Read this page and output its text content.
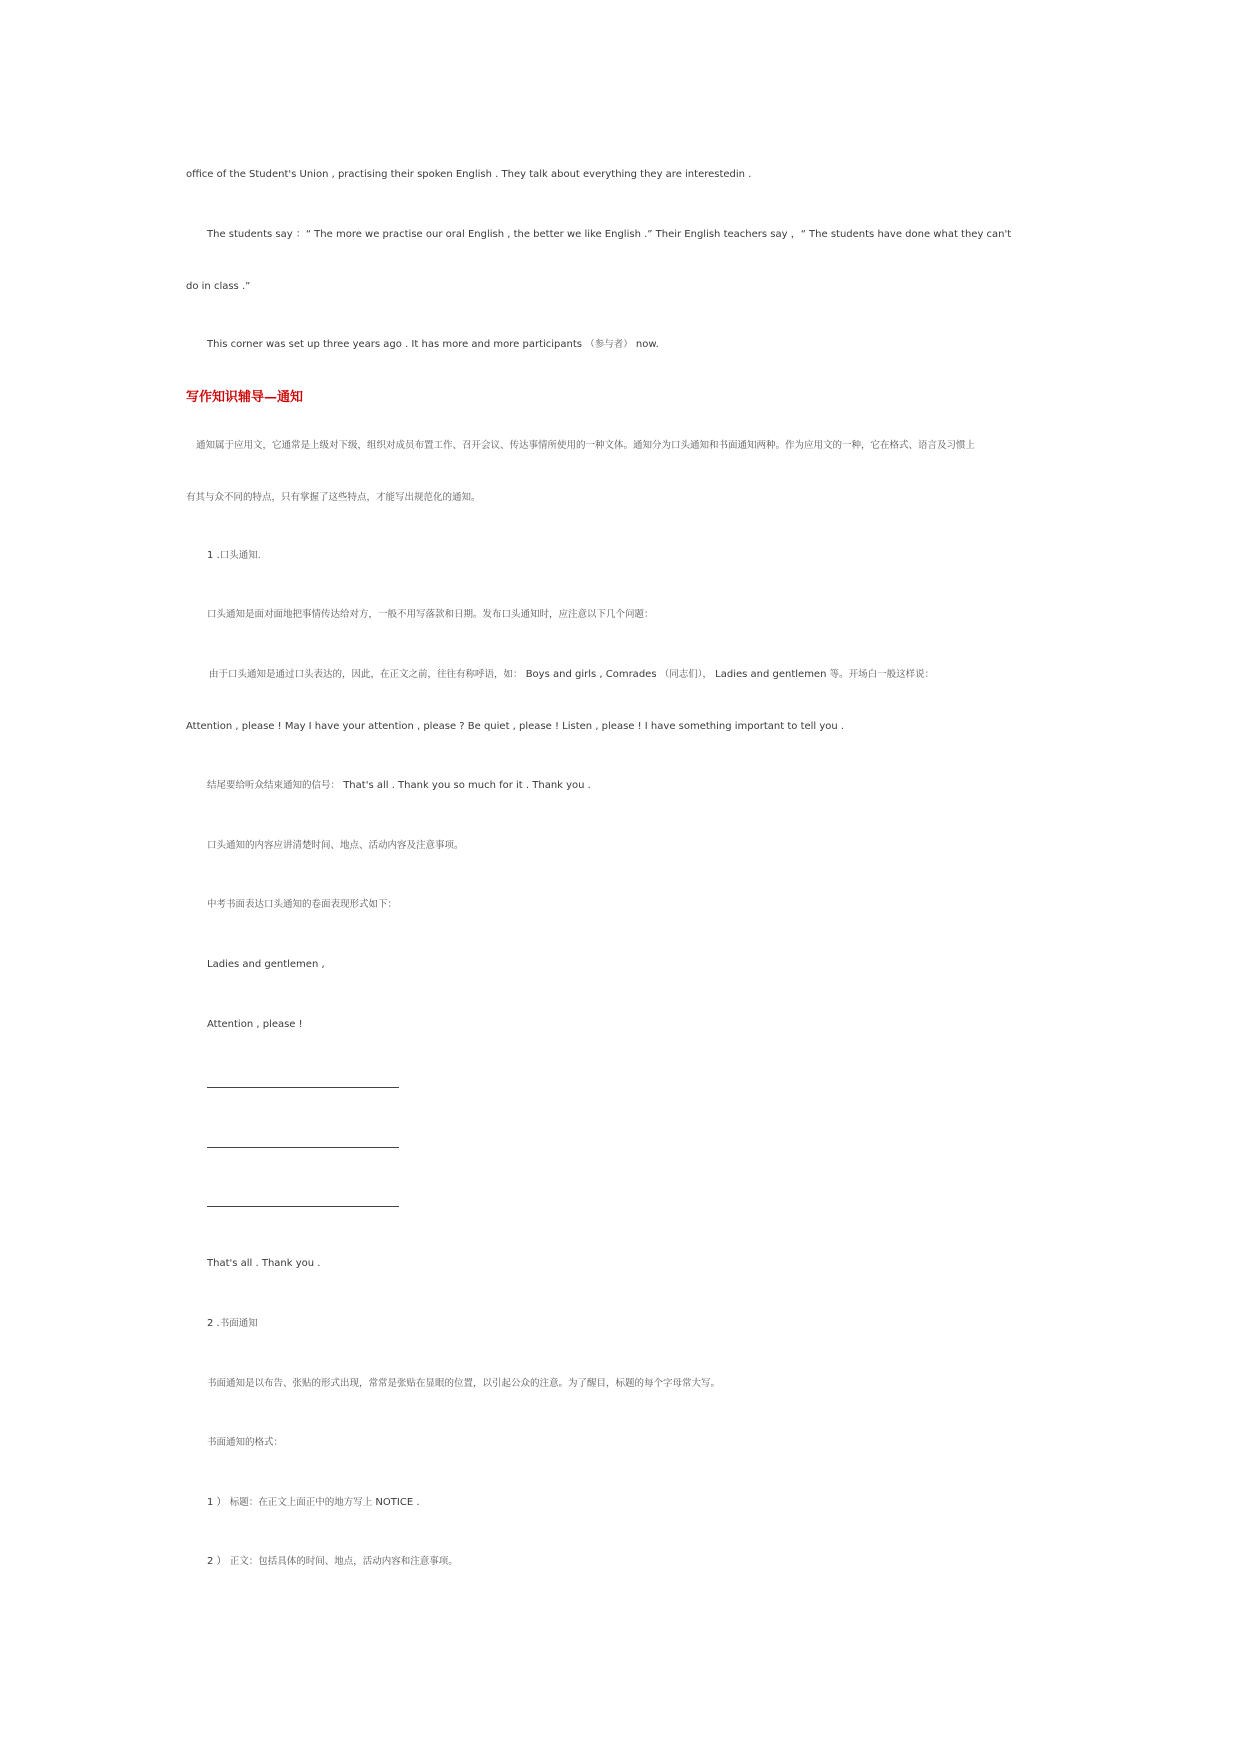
office of the Student's Union , practising their spoken English . They talk about everything they are interestedin .
The students say ：“ The more we practise our oral English , the better we like English .” Their English teachers say ，“ The students have done what they can't
do in class .”
This corner was set up three years ago . It has more and more participants （参与者） now.
写作知识辅导—通知
通知属于应用文，它通常是上级对下级，组织对成员布置工作、召开会议、传达事情所使用的一种文体。通知分为口头通知和书面通知两种。作为应用文的一种，它在格式、语言及习惯上
有其与众不同的特点，只有掌握了这些特点，才能写出规范化的通知。
1 .口头通知.
口头通知是面对面地把事情传达给对方，一般不用写落款和日期。发布口头通知时，应注意以下几个问题：
由于口头通知是通过口头表达的，因此，在正文之前，往往有称呼语，如： Boys and girls , Comrades （同志们）， Ladies and gentlemen 等。开场白一般这样说：
Attention , please ! May I have your attention , please ? Be quiet , please ! Listen , please ! I have something important to tell you .
结尾要给听众结束通知的信号： That's all . Thank you so much for it . Thank you .
口头通知的内容应讲清楚时间、地点、活动内容及注意事项。
中考书面表达口头通知的卷面表现形式如下：
Ladies and gentlemen ,
Attention , please !
That's all . Thank you .
2 .书面通知
书面通知是以布告、张贴的形式出现，常常是张贴在显眼的位置，以引起公众的注意。为了醒目，标题的每个字母常大写。
书面通知的格式：
1 ） 标题：在正文上面正中的地方写上 NOTICE .
2 ） 正文：包括具体的时间、地点，活动内容和注意事项。
